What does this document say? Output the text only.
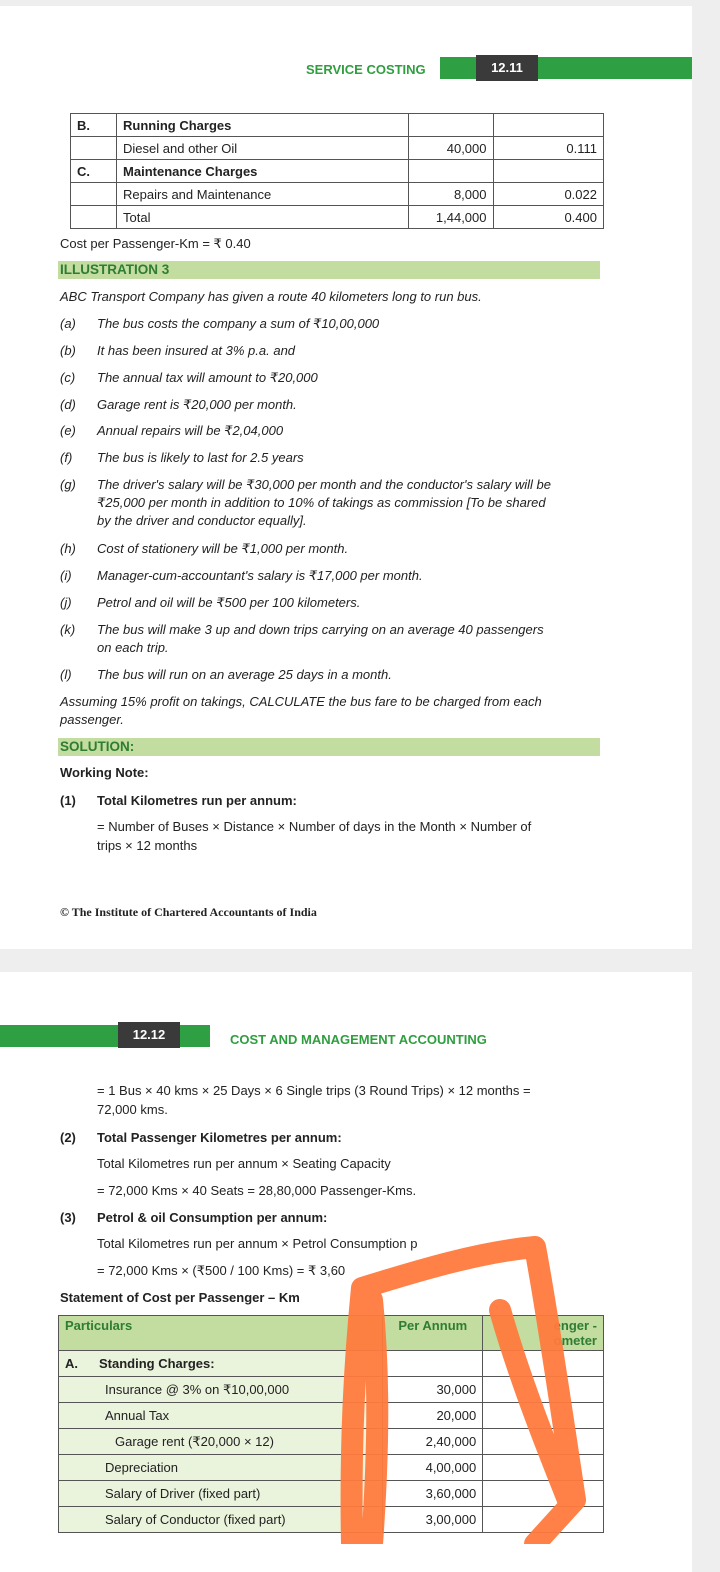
12.11
SERVICE COSTING
B.	Running Charges		
	Diesel and other Oil	40,000	0.111
C.	Maintenance Charges		
	Repairs and Maintenance	8,000	0.022
	Total	1,44,000	0.400
Cost per Passenger-Km = ₹ 0.40
ILLUSTRATION 3
ABC Transport Company has given a route 40 kilometers long to run bus.
(a) The bus costs the company a sum of ₹10,00,000
(b) It has been insured at 3% p.a. and
(c) The annual tax will amount to ₹20,000
(d) Garage rent is ₹20,000 per month.
(e) Annual repairs will be ₹2,04,000
(f) The bus is likely to last for 2.5 years
(g) The driver's salary will be ₹30,000 per month and the conductor's salary will be
₹25,000 per month in addition to 10% of takings as commission [To be shared
by the driver and conductor equally].
(h) Cost of stationery will be ₹1,000 per month.
(i) Manager-cum-accountant's salary is ₹17,000 per month.
(j) Petrol and oil will be ₹500 per 100 kilometers.
(k) The bus will make 3 up and down trips carrying on an average 40 passengers
on each trip.
(l) The bus will run on an average 25 days in a month.
Assuming 15% profit on takings, CALCULATE the bus fare to be charged from each
passenger.
SOLUTION:
Working Note:
(1) Total Kilometres run per annum:
= Number of Buses × Distance × Number of days in the Month × Number of
trips × 12 months
© The Institute of Chartered Accountants of India
12.12	COST AND MANAGEMENT ACCOUNTING
= 1 Bus × 40 kms × 25 Days × 6 Single trips (3 Round Trips) × 12 months =
72,000 kms.
(2) Total Passenger Kilometres per annum:
Total Kilometres run per annum × Seating Capacity
= 72,000 Kms × 40 Seats = 28,80,000 Passenger-Kms.
(3) Petrol & oil Consumption per annum:
Total Kilometres run per annum × Petrol Consumption p
= 72,000 Kms × (₹500 / 100 Kms) = ₹ 3,60
Statement of Cost per Passenger – Km
Particulars	Per Annum	enger -
ometer
A. Standing Charges:		
Insurance @ 3% on ₹10,00,000	30,000	
Annual Tax	20,000	
Garage rent (₹20,000 × 12)	2,40,000	
Depreciation	4,00,000	
Salary of Driver (fixed part)	3,60,000	
Salary of Conductor (fixed part)	3,00,000	
